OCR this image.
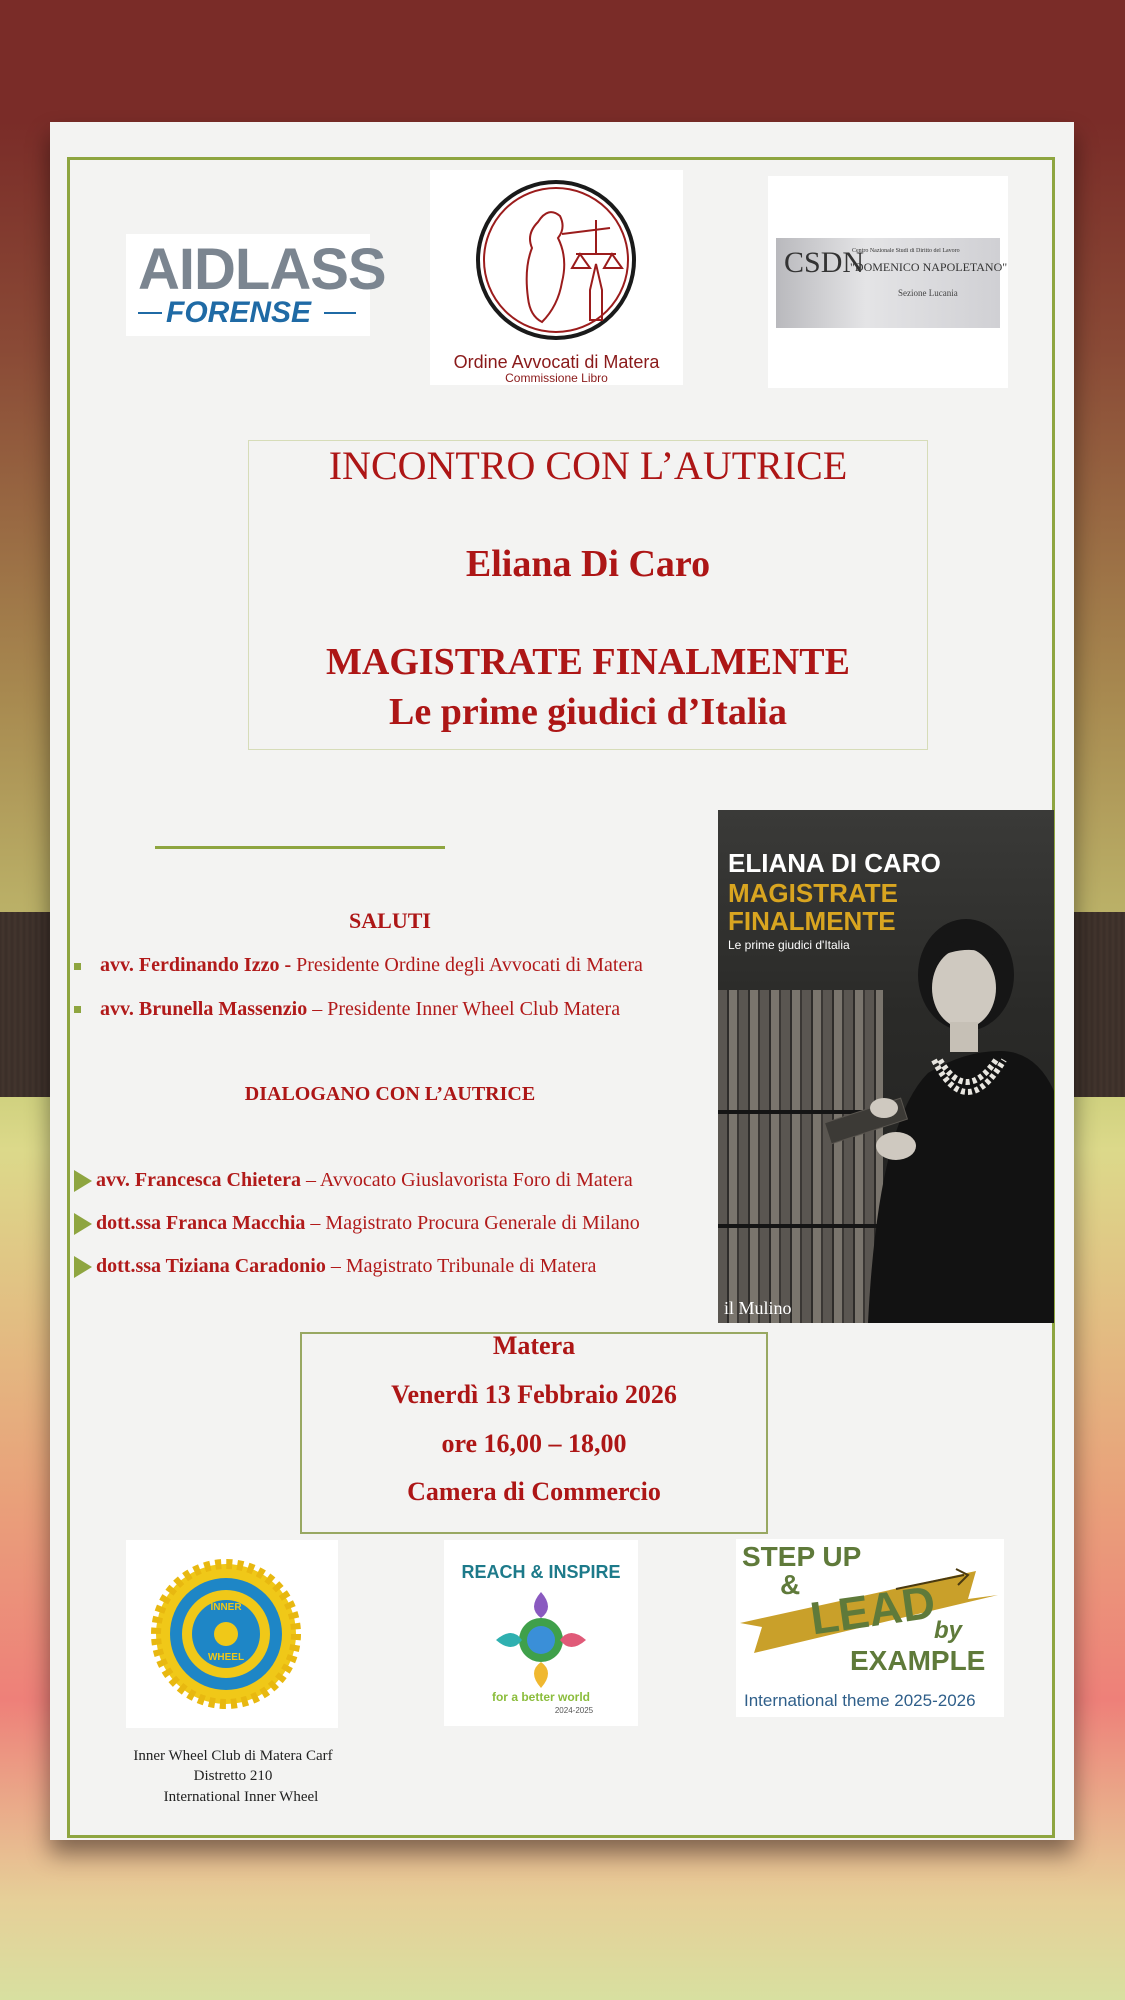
AIDLASS
FORENSE
Ordine Avvocati di Matera
Commissione Libro
CSDN
Centro Nazionale Studi di Diritto del Lavoro
"DOMENICO NAPOLETANO"
Sezione Lucania
INCONTRO CON L’AUTRICE
Eliana Di Caro
MAGISTRATE FINALMENTE
Le prime giudici d’Italia
SALUTI
avv. Ferdinando Izzo - Presidente Ordine degli Avvocati di Matera
avv. Brunella Massenzio – Presidente Inner Wheel Club Matera
DIALOGANO CON L’AUTRICE
avv. Francesca Chietera – Avvocato Giuslavorista Foro di Matera
dott.ssa Franca Macchia – Magistrato Procura Generale di Milano
dott.ssa Tiziana Caradonio – Magistrato Tribunale di Matera
ELIANA DI CARO
MAGISTRATE
FINALMENTE
Le prime giudici d'Italia
il Mulino
Matera
Venerdì 13 Febbraio 2026
ore 16,00 – 18,00
Camera di Commercio
INNER
WHEEL
REACH & INSPIRE
for a better world
2024-2025
STEP UP
& LEAD
by
EXAMPLE
International theme 2025-2026
Inner Wheel Club di Matera Carf
Distretto 210
International Inner Wheel
